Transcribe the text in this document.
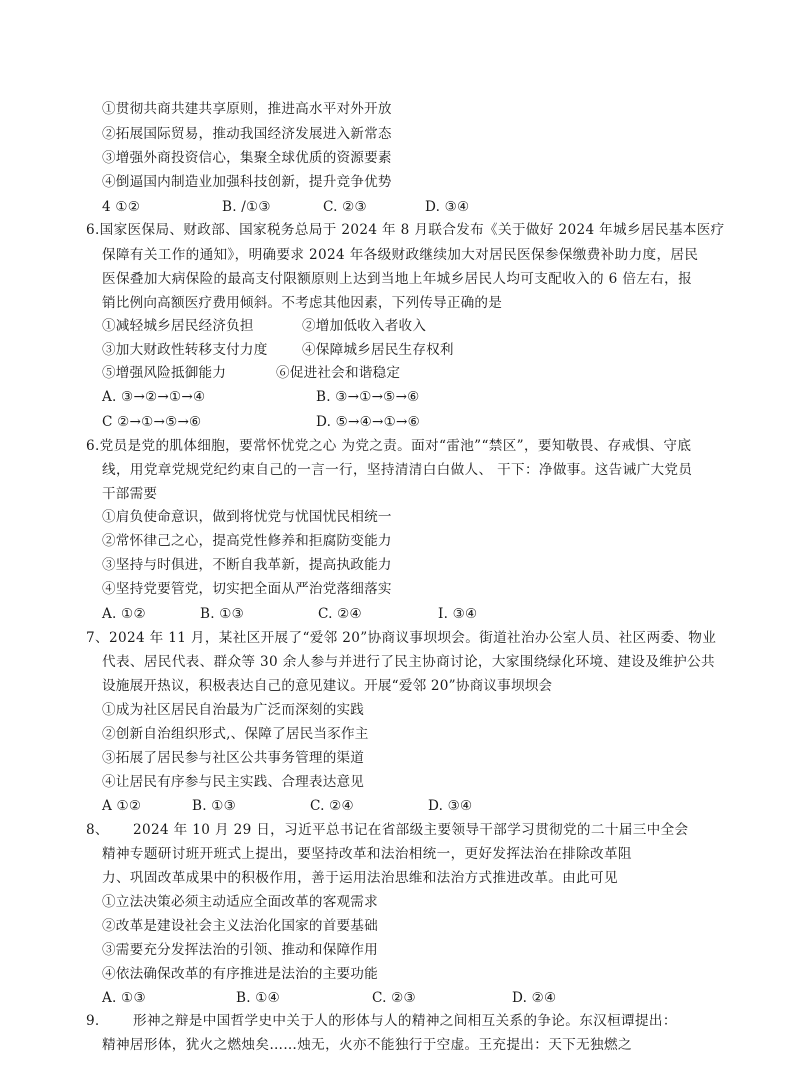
①贯彻共商共建共享原则，推进高水平对外开放
②拓展国际贸易，推动我国经济发展进入新常态
③增强外商投资信心，集聚全球优质的资源要素
④倒逼国内制造业加强科技创新，提升竞争优势
4 ①②	B. /①③	C. ②③	D. ③④
6.国家医保局、财政部、国家税务总局于 2024 年 8 月联合发布《关于做好 2024 年城乡居民基本医疗
保障有关工作的通知》，明确要求 2024 年各级财政继续加大对居民医保参保缴费补助力度，居民
医保叠加大病保险的最高支付限额原则上达到当地上年城乡居民人均可支配收入的 6 倍左右，报
销比例向高额医疗费用倾斜。不考虑其他因素，下列传导正确的是
①减轻城乡居民经济负担	②增加低收入者收入
③加大财政性转移支付力度	④保障城乡居民生存权利
⑤增强风险抵御能力	⑥促进社会和谐稳定
A. ③→②→①→④	B. ③→①→⑤→⑥
C ②→①→⑤→⑥	D. ⑤→④→①→⑥
6.党员是党的肌体细胞，要常怀忧党之心 为党之责。面对“雷池”“禁区”，要知敬畏、存戒惧、守底
线，用党章党规党纪约束自己的一言一行，坚持清清白白做人、 干下：净做事。这告诫广大党员
干部需要
①肩负使命意识，做到将忧党与忧国忧民相统一
②常怀律己之心，提高党性修养和拒腐防变能力
③坚持与时俱进，不断自我革新，提高执政能力
④坚持党要管党，切实把全面从严治党落细落实
A. ①②	B. ①③	C. ②④	I. ③④
7、2024 年 11 月，某社区开展了“爱邻 20”协商议事坝坝会。街道社治办公室人员、社区两委、物业
代表、居民代表、群众等 30 余人参与并进行了民主协商讨论，大家围绕绿化环境、建设及维护公共
设施展开热议，积极表达自己的意见建议。开展“爱邻 20”协商议事坝坝会
①成为社区居民自治最为广泛而深刻的实践
②创新自治组织形式,、保障了居民当豕作主
③拓展了居民参与社区公共事务管理的渠道
④让居民有序参与民主实践、合理表达意见
A ①②	B. ①③	C. ②④	D. ③④
8、 2024 年 10 月 29 日，习近平总书记在省部级主要领导干部学习贯彻党的二十届三中全会
精神专题研讨班开班式上提出，要坚持改革和法治相统一，更好发挥法治在排除改革阻
力、巩固改革成果中的积极作用，善于运用法治思维和法治方式推进改革。由此可见
①立法决策必须主动适应全面改革的客观需求
②改革是建设社会主义法治化国家的首要基础
③需要充分发挥法治的引领、推动和保障作用
④依法确保改革的有序推进是法治的主要功能
A. ①③	B. ①④	C. ②③	D. ②④
9. 形神之辩是中国哲学史中关于人的形体与人的精神之间相互关系的争论。东汉桓谭提出：
精神居形体，犹火之燃烛矣……烛无，火亦不能独行于空虚。王充提出：天下无独燃之
